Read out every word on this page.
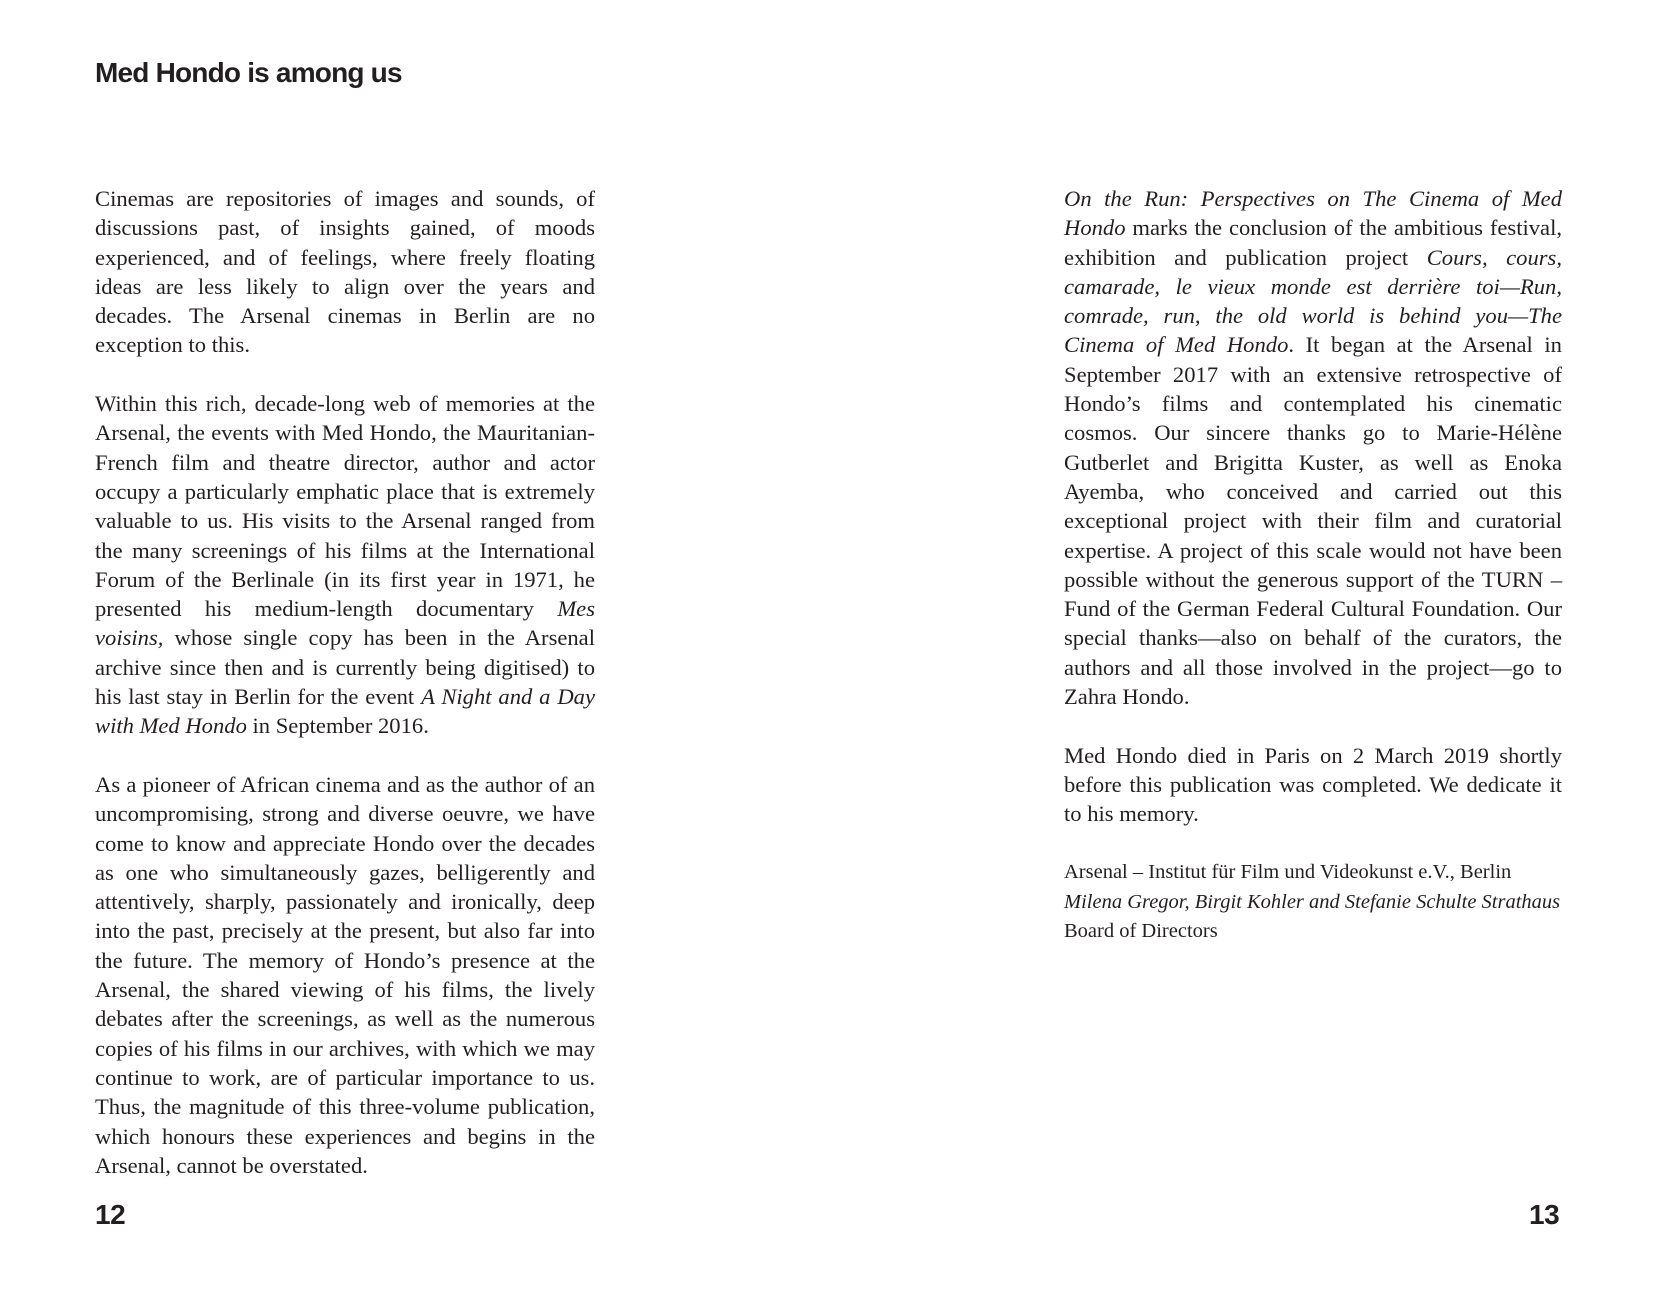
Med Hondo is among us

Cinemas are repositories of images and sounds, of discussions past, of insights gained, of moods experienced, and of feelings, where freely floating ideas are less likely to align over the years and decades. The Arsenal cinemas in Berlin are no exception to this.

Within this rich, decade-long web of memories at the Arsenal, the events with Med Hondo, the Mauritanian-French film and theatre director, author and actor occupy a particularly emphatic place that is extremely valuable to us. His visits to the Arsenal ranged from the many screenings of his films at the International Forum of the Berlinale (in its first year in 1971, he presented his medium-length documentary Mes voisins, whose single copy has been in the Arsenal archive since then and is currently being digitised) to his last stay in Berlin for the event A Night and a Day with Med Hondo in September 2016.

As a pioneer of African cinema and as the author of an uncompromising, strong and diverse oeuvre, we have come to know and appreciate Hondo over the decades as one who simultaneously gazes, belligerently and attentively, sharply, passionately and ironically, deep into the past, precisely at the present, but also far into the future. The memory of Hondo’s presence at the Arsenal, the shared viewing of his films, the lively debates after the screenings, as well as the numerous copies of his films in our archives, with which we may continue to work, are of particular importance to us. Thus, the magnitude of this three-volume publication, which honours these experiences and begins in the Arsenal, cannot be overstated.

12

On the Run: Perspectives on The Cinema of Med Hondo marks the conclusion of the ambitious festival, exhibition and publication project Cours, cours, camarade, le vieux monde est derrière toi—Run, comrade, run, the old world is behind you—The Cinema of Med Hondo. It began at the Arsenal in September 2017 with an extensive retrospective of Hondo’s films and contemplated his cinematic cosmos. Our sincere thanks go to Marie-Hélène Gutberlet and Brigitta Kuster, as well as Enoka Ayemba, who conceived and carried out this exceptional project with their film and curatorial expertise. A project of this scale would not have been possible without the generous support of the TURN – Fund of the German Federal Cultural Foundation. Our special thanks—also on behalf of the curators, the authors and all those involved in the project—go to Zahra Hondo.

Med Hondo died in Paris on 2 March 2019 shortly before this publication was completed. We dedicate it to his memory.

Arsenal – Institut für Film und Videokunst e.V., Berlin
Milena Gregor, Birgit Kohler and Stefanie Schulte Strathaus
Board of Directors
13
